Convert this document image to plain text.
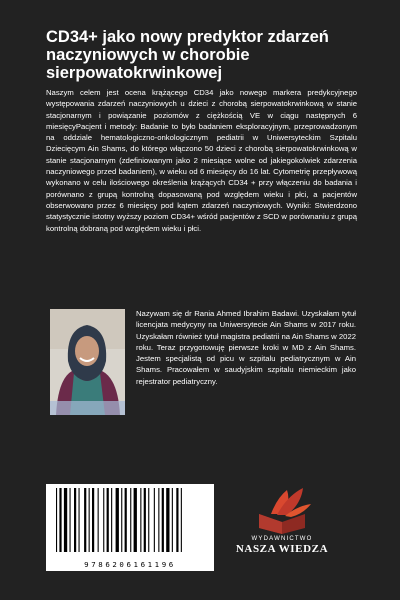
CD34+ jako nowy predyktor zdarzeń naczyniowych w chorobie sierpowatokrwinkowej

Naszym celem jest ocena krążącego CD34 jako nowego markera predykcyjnego występowania zdarzeń naczyniowych u dzieci z chorobą sierpowatokrwinkową w stanie stacjonarnym i powiązanie poziomów z ciężkością VE w ciągu następnych 6 miesięcyPacjent i metody: Badanie to było badaniem eksploracyjnym, przeprowadzonym na oddziale hematologiczno-onkologicznym pediatrii w Uniwersyteckim Szpitalu Dziecięcym Ain Shams, do którego włączono 50 dzieci z chorobą sierpowatokrwinkową w stanie stacjonarnym (zdefiniowanym jako 2 miesiące wolne od jakiegokolwiek zdarzenia naczyniowego przed badaniem), w wieku od 6 miesięcy do 16 lat. Cytometrię przepływową wykonano w celu ilościowego określenia krążących CD34 + przy włączeniu do badania i porównano z grupą kontrolną dopasowaną pod względem wieku i płci, a pacjentów obserwowano przez 6 miesięcy pod kątem zdarzeń naczyniowych. Wyniki: Stwierdzono statystycznie istotny wyższy poziom CD34+ wśród pacjentów z SCD w porównaniu z grupą kontrolną dobraną pod względem wieku i płci.

Nazywam się dr Rania Ahmed Ibrahim Badawi. Uzyskałam tytuł licencjata medycyny na Uniwersytecie Ain Shams w 2017 roku. Uzyskałam również tytuł magistra pediatrii na Ain Shams w 2022 roku. Teraz przygotowuję pierwsze kroki w MD z Ain Shams. Jestem specjalistą od picu w szpitalu pediatrycznym w Ain Shams. Pracowałem w saudyjskim szpitalu niemieckim jako rejestrator pediatryczny.

9786206161196
WYDAWNICTWO
NASZA WIEDZA
